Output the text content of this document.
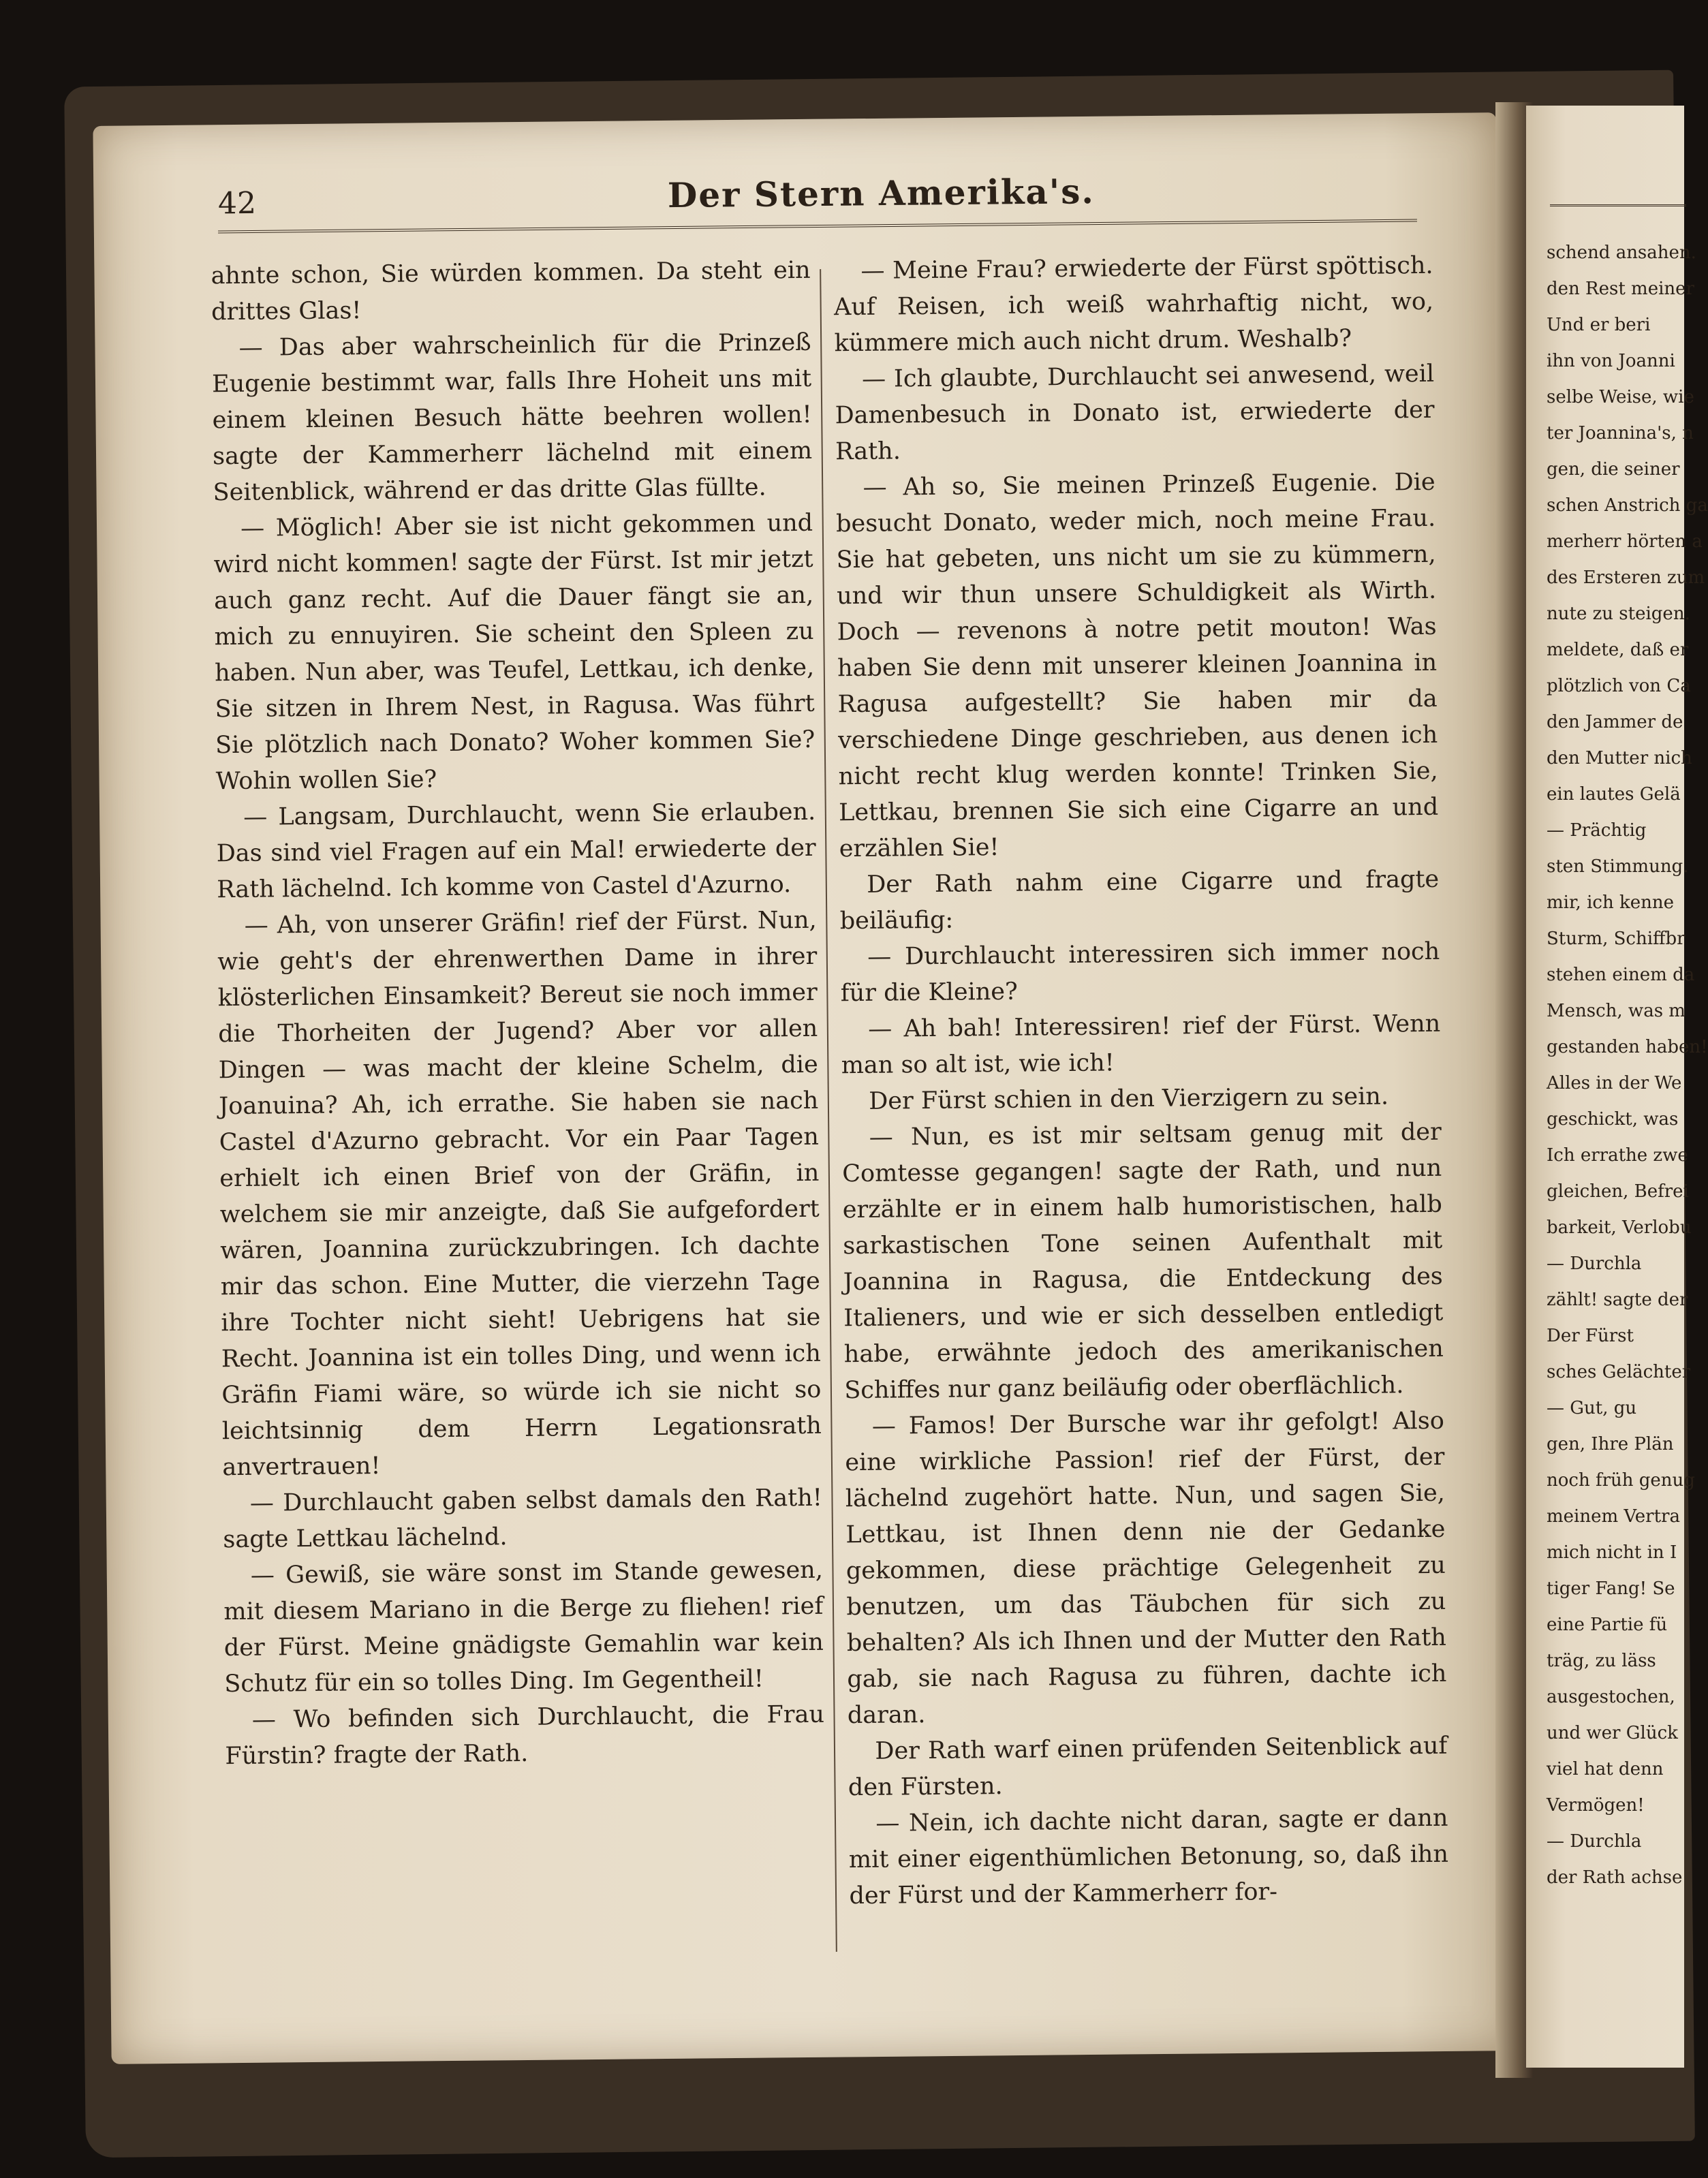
42	Der Stern Amerika's.

ahnte schon, Sie würden kommen. Da steht ein drittes Glas!

— Das aber wahrscheinlich für die Prinzeß Eugenie bestimmt war, falls Ihre Hoheit uns mit einem kleinen Besuch hätte beehren wollen! sagte der Kammerherr lächelnd mit einem Seitenblick, während er das dritte Glas füllte.

— Möglich! Aber sie ist nicht gekommen und wird nicht kommen! sagte der Fürst. Ist mir jetzt auch ganz recht. Auf die Dauer fängt sie an, mich zu ennuyiren. Sie scheint den Spleen zu haben. Nun aber, was Teufel, Lettkau, ich denke, Sie sitzen in Ihrem Nest, in Ragusa. Was führt Sie plötzlich nach Donato? Woher kommen Sie? Wohin wollen Sie?

— Langsam, Durchlaucht, wenn Sie erlauben. Das sind viel Fragen auf ein Mal! erwiederte der Rath lächelnd. Ich komme von Castel d'Azurno.

— Ah, von unserer Gräfin! rief der Fürst. Nun, wie geht's der ehrenwerthen Dame in ihrer klösterlichen Einsamkeit? Bereut sie noch immer die Thorheiten der Jugend? Aber vor allen Dingen — was macht der kleine Schelm, die Joanuina? Ah, ich errathe. Sie haben sie nach Castel d'Azurno gebracht. Vor ein Paar Tagen erhielt ich einen Brief von der Gräfin, in welchem sie mir anzeigte, daß Sie aufgefordert wären, Joannina zurückzubringen. Ich dachte mir das schon. Eine Mutter, die vierzehn Tage ihre Tochter nicht sieht! Uebrigens hat sie Recht. Joannina ist ein tolles Ding, und wenn ich Gräfin Fiami wäre, so würde ich sie nicht so leichtsinnig dem Herrn Legationsrath anvertrauen!

— Durchlaucht gaben selbst damals den Rath! sagte Lettkau lächelnd.

— Gewiß, sie wäre sonst im Stande gewesen, mit diesem Mariano in die Berge zu fliehen! rief der Fürst. Meine gnädigste Gemahlin war kein Schutz für ein so tolles Ding. Im Gegentheil!

— Wo befinden sich Durchlaucht, die Frau Fürstin? fragte der Rath.

— Meine Frau? erwiederte der Fürst spöttisch. Auf Reisen, ich weiß wahrhaftig nicht, wo, kümmere mich auch nicht drum. Weshalb?

— Ich glaubte, Durchlaucht sei anwesend, weil Damenbesuch in Donato ist, erwiederte der Rath.

— Ah so, Sie meinen Prinzeß Eugenie. Die besucht Donato, weder mich, noch meine Frau. Sie hat gebeten, uns nicht um sie zu kümmern, und wir thun unsere Schuldigkeit als Wirth. Doch — revenons à notre petit mouton! Was haben Sie denn mit unserer kleinen Joannina in Ragusa aufgestellt? Sie haben mir da verschiedene Dinge geschrieben, aus denen ich nicht recht klug werden konnte! Trinken Sie, Lettkau, brennen Sie sich eine Cigarre an und erzählen Sie!

Der Rath nahm eine Cigarre und fragte beiläufig:

— Durchlaucht interessiren sich immer noch für die Kleine?

— Ah bah! Interessiren! rief der Fürst. Wenn man so alt ist, wie ich!

Der Fürst schien in den Vierzigern zu sein.

— Nun, es ist mir seltsam genug mit der Comtesse gegangen! sagte der Rath, und nun erzählte er in einem halb humoristischen, halb sarkastischen Tone seinen Aufenthalt mit Joannina in Ragusa, die Entdeckung des Italieners, und wie er sich desselben entledigt habe, erwähnte jedoch des amerikanischen Schiffes nur ganz beiläufig oder oberflächlich.

— Famos! Der Bursche war ihr gefolgt! Also eine wirkliche Passion! rief der Fürst, der lächelnd zugehört hatte. Nun, und sagen Sie, Lettkau, ist Ihnen denn nie der Gedanke gekommen, diese prächtige Gelegenheit zu benutzen, um das Täubchen für sich zu behalten? Als ich Ihnen und der Mutter den Rath gab, sie nach Ragusa zu führen, dachte ich daran.

Der Rath warf einen prüfenden Seitenblick auf den Fürsten.

— Nein, ich dachte nicht daran, sagte er dann mit einer eigenthümlichen Betonung, so, daß ihn der Fürst und der Kammerherr for-

schend ansahen.
den Rest meiner
Und er beri
ihn von Joanni
selbe Weise, wie
ter Joannina's, n
gen, die seiner
schen Anstrich ga
merherr hörten a
des Ersteren zum
nute zu steigen.
meldete, daß er
plötzlich von Ca
den Jammer de
den Mutter nich
ein lautes Gelä
— Prächtig
sten Stimmung.
mir, ich kenne
Sturm, Schiffbr
stehen einem da
Mensch, was m
gestanden haben!
Alles in der We
geschickt, was
Ich errathe zwe
gleichen, Befrei
barkeit, Verlobu
— Durchla
zählt! sagte der
Der Fürst
sches Gelächter
— Gut, gu
gen, Ihre Plän
noch früh genug
meinem Vertra
mich nicht in I
tiger Fang! Se
eine Partie fü
träg, zu läss
ausgestochen,
und wer Glück
viel hat denn
Vermögen!
— Durchla
der Rath achse
